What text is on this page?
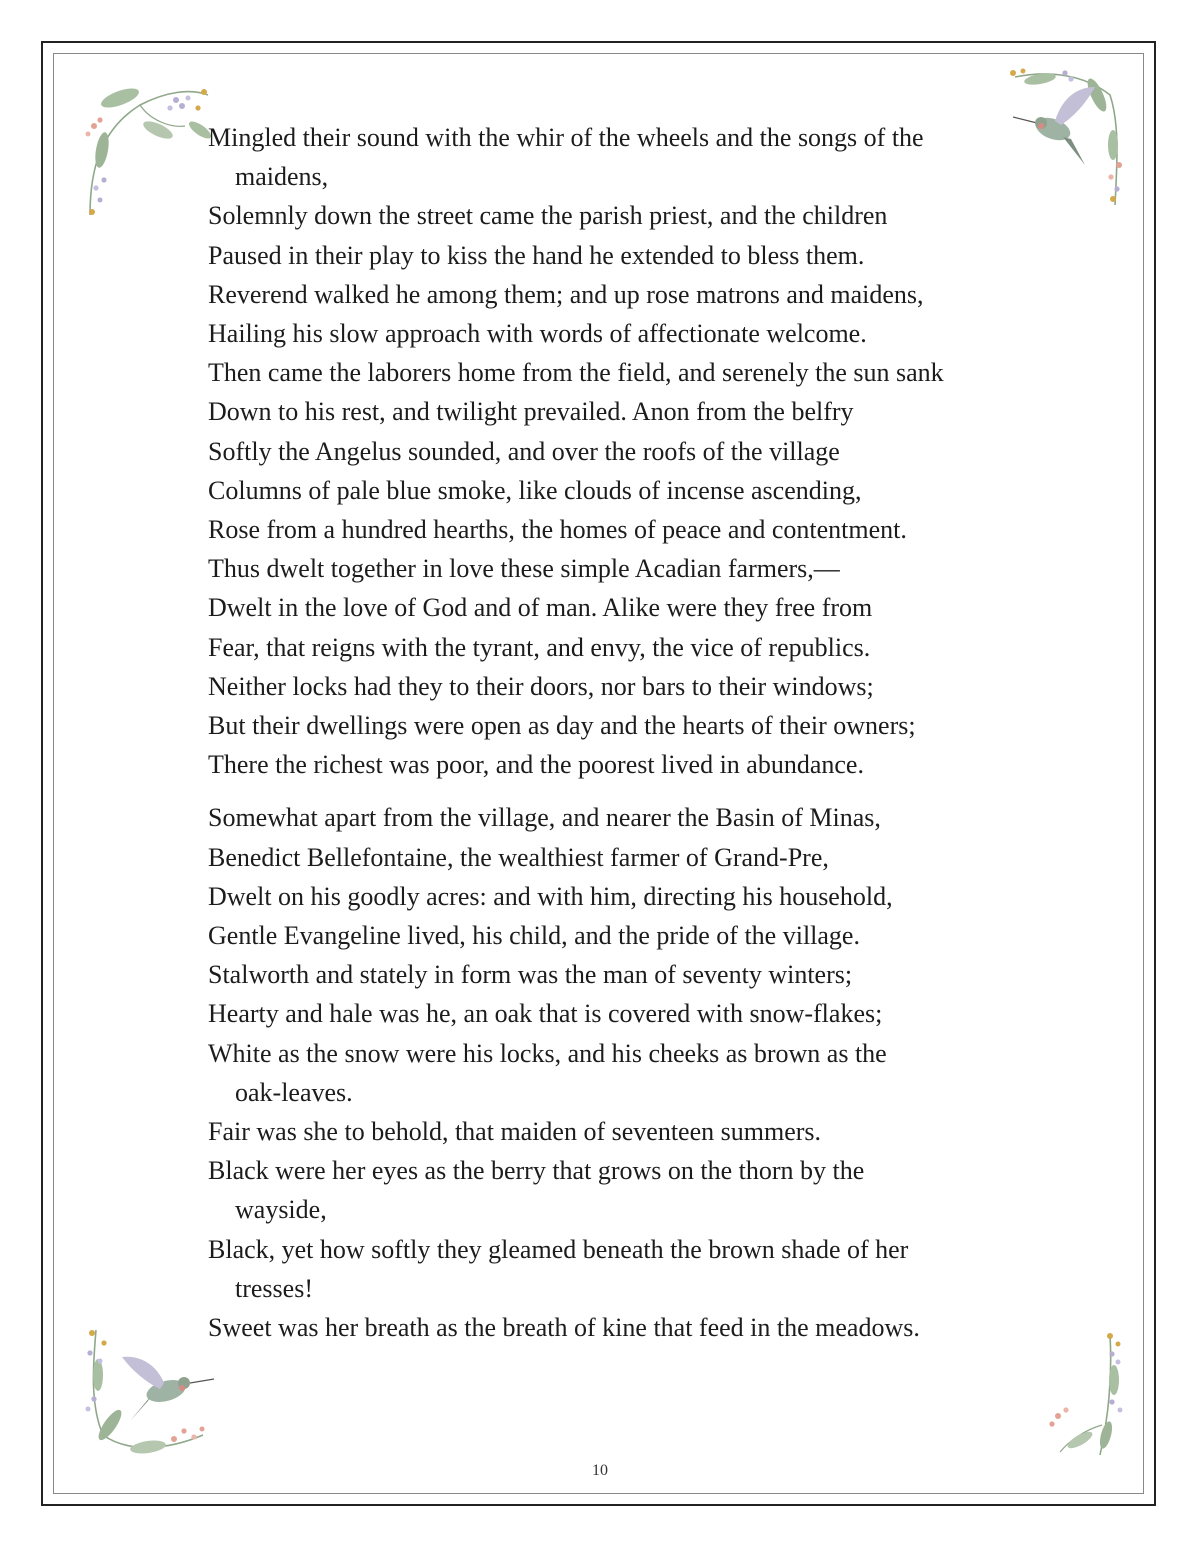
Mingled their sound with the whir of the wheels and the songs of the
maidens,
Solemnly down the street came the parish priest, and the children
Paused in their play to kiss the hand he extended to bless them.
Reverend walked he among them; and up rose matrons and maidens,
Hailing his slow approach with words of affectionate welcome.
Then came the laborers home from the field, and serenely the sun sank
Down to his rest, and twilight prevailed. Anon from the belfry
Softly the Angelus sounded, and over the roofs of the village
Columns of pale blue smoke, like clouds of incense ascending,
Rose from a hundred hearths, the homes of peace and contentment.
Thus dwelt together in love these simple Acadian farmers,—
Dwelt in the love of God and of man. Alike were they free from
Fear, that reigns with the tyrant, and envy, the vice of republics.
Neither locks had they to their doors, nor bars to their windows;
But their dwellings were open as day and the hearts of their owners;
There the richest was poor, and the poorest lived in abundance.
Somewhat apart from the village, and nearer the Basin of Minas,
Benedict Bellefontaine, the wealthiest farmer of Grand-Pre,
Dwelt on his goodly acres: and with him, directing his household,
Gentle Evangeline lived, his child, and the pride of the village.
Stalworth and stately in form was the man of seventy winters;
Hearty and hale was he, an oak that is covered with snow-flakes;
White as the snow were his locks, and his cheeks as brown as the
oak-leaves.
Fair was she to behold, that maiden of seventeen summers.
Black were her eyes as the berry that grows on the thorn by the
wayside,
Black, yet how softly they gleamed beneath the brown shade of her
tresses!
Sweet was her breath as the breath of kine that feed in the meadows.
10
